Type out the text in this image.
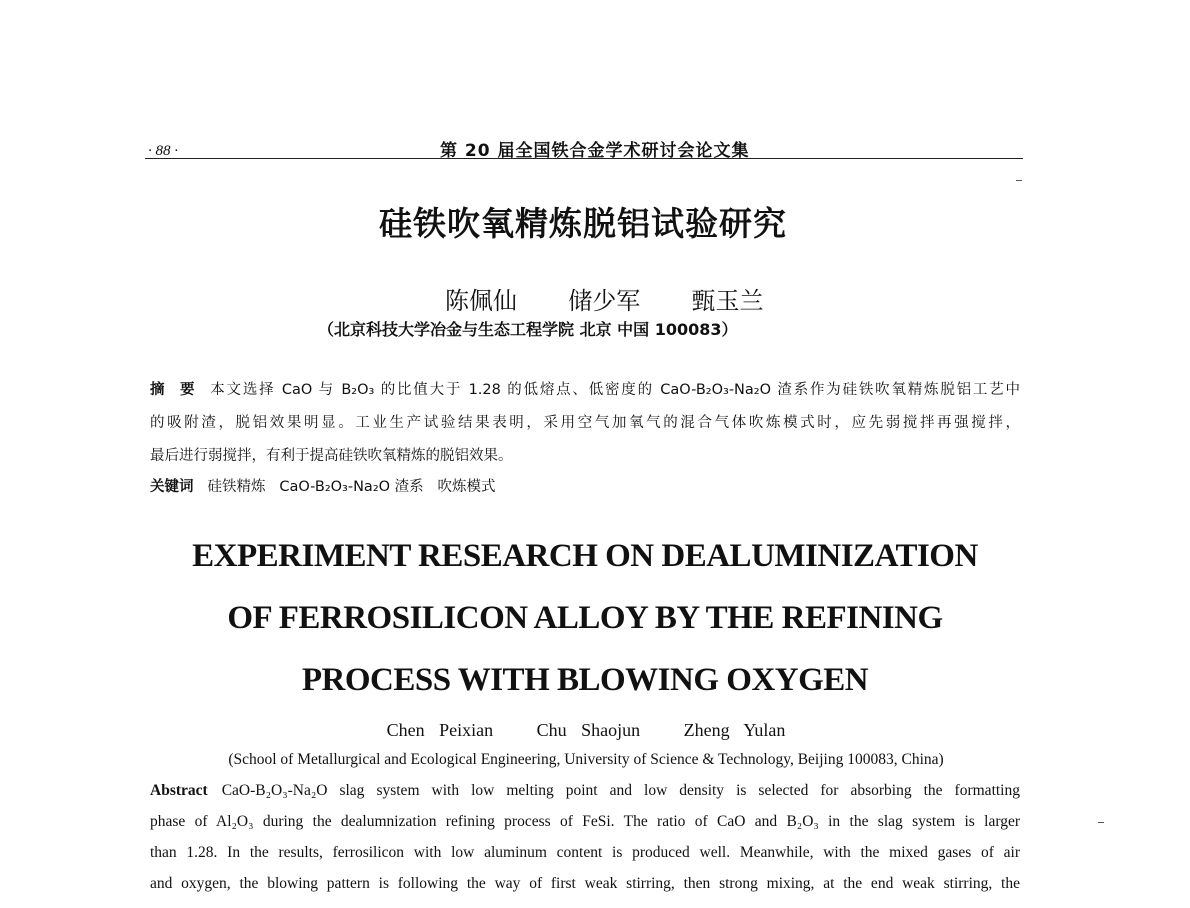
· 88 ·	第 20 届全国铁合金学术研讨会论文集
硅铁吹氧精炼脱铝试验研究
陈佩仙  储少军  甄玉兰
（北京科技大学冶金与生态工程学院 北京 中国 100083）
摘  要 本文选择 CaO 与 B₂O₃ 的比值大于 1.28 的低熔点、低密度的 CaO-B₂O₃-Na₂O 渣系作为硅铁吹氧精炼脱铝工艺中
的吸附渣，脱铝效果明显。工业生产试验结果表明，采用空气加氧气的混合气体吹炼模式时，应先弱搅拌再强搅拌，
最后进行弱搅拌，有利于提高硅铁吹氧精炼的脱铝效果。
关键词 硅铁精炼   CaO-B₂O₃-Na₂O 渣系   吹炼模式
EXPERIMENT RESEARCH ON DEALUMINIZATION
OF FERROSILICON ALLOY BY THE REFINING
PROCESS WITH BLOWING OXYGEN
Chen Peixian   Chu Shaojun   Zheng Yulan
(School of Metallurgical and Ecological Engineering, University of Science & Technology, Beijing 100083, China)
Abstract CaO-B₂O₃-Na₂O slag system with low melting point and low density is selected for absorbing the formatting
phase of Al₂O₃ during the dealumnization refining process of FeSi. The ratio of CaO and B₂O₃ in the slag system is larger
than 1.28. In the results, ferrosilicon with low aluminum content is produced well. Meanwhile, with the mixed gases of air
and oxygen, the blowing pattern is following the way of first weak stirring, then strong mixing, at the end weak stirring, the
